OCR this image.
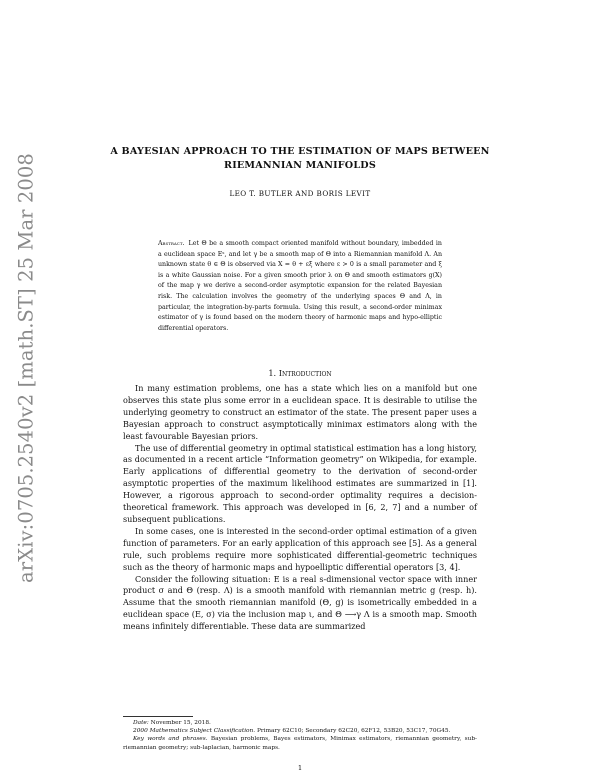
arXiv:0705.2540v2 [math.ST] 25 Mar 2008
A BAYESIAN APPROACH TO THE ESTIMATION OF MAPS BETWEEN RIEMANNIAN MANIFOLDS
LEO T. BUTLER AND BORIS LEVIT
Abstract. Let Θ be a smooth compact oriented manifold without boundary, imbedded in a euclidean space Eˢ, and let γ be a smooth map of Θ into a Riemannian manifold Λ. An unknown state θ ∈ Θ is observed via X = θ + εξ where ε > 0 is a small parameter and ξ is a white Gaussian noise. For a given smooth prior λ on Θ and smooth estimators g(X) of the map γ we derive a second-order asymptotic expansion for the related Bayesian risk. The calculation involves the geometry of the underlying spaces Θ and Λ, in particular, the integration-by-parts formula. Using this result, a second-order minimax estimator of γ is found based on the modern theory of harmonic maps and hypo-elliptic differential operators.
1. Introduction

In many estimation problems, one has a state which lies on a manifold but one observes this state plus some error in a euclidean space. It is desirable to utilise the underlying geometry to construct an estimator of the state. The present paper uses a Bayesian approach to construct asymptotically minimax estimators along with the least favourable Bayesian priors.

The use of differential geometry in optimal statistical estimation has a long history, as documented in a recent article “Information geometry” on Wikipedia, for example. Early applications of differential geometry to the derivation of second-order asymptotic properties of the maximum likelihood estimates are summarized in [1]. However, a rigorous approach to second-order optimality requires a decision-theoretical framework. This approach was developed in [6, 2, 7] and a number of subsequent publications.

In some cases, one is interested in the second-order optimal estimation of a given function of parameters. For an early application of this approach see [5]. As a general rule, such problems require more sophisticated differential-geometric techniques such as the theory of harmonic maps and hypoelliptic differential operators [3, 4].

Consider the following situation: E is a real s-dimensional vector space with inner product σ and Θ (resp. Λ) is a smooth manifold with riemannian metric g (resp. h). Assume that the smooth riemannian manifold (Θ, g) is isometrically embedded in a euclidean space (E, σ) via the inclusion map ι, and Θ ⟶γ Λ is a smooth map. Smooth means infinitely differentiable. These data are summarized

Date: November 15, 2018.

2000 Mathematics Subject Classification. Primary 62C10; Secondary 62C20, 62F12, 53B20, 53C17, 70G45.

Key words and phrases. Bayesian problems, Bayes estimators, Minimax estimators, riemannian geometry, sub-riemannian geometry; sub-laplacian, harmonic maps.

1
